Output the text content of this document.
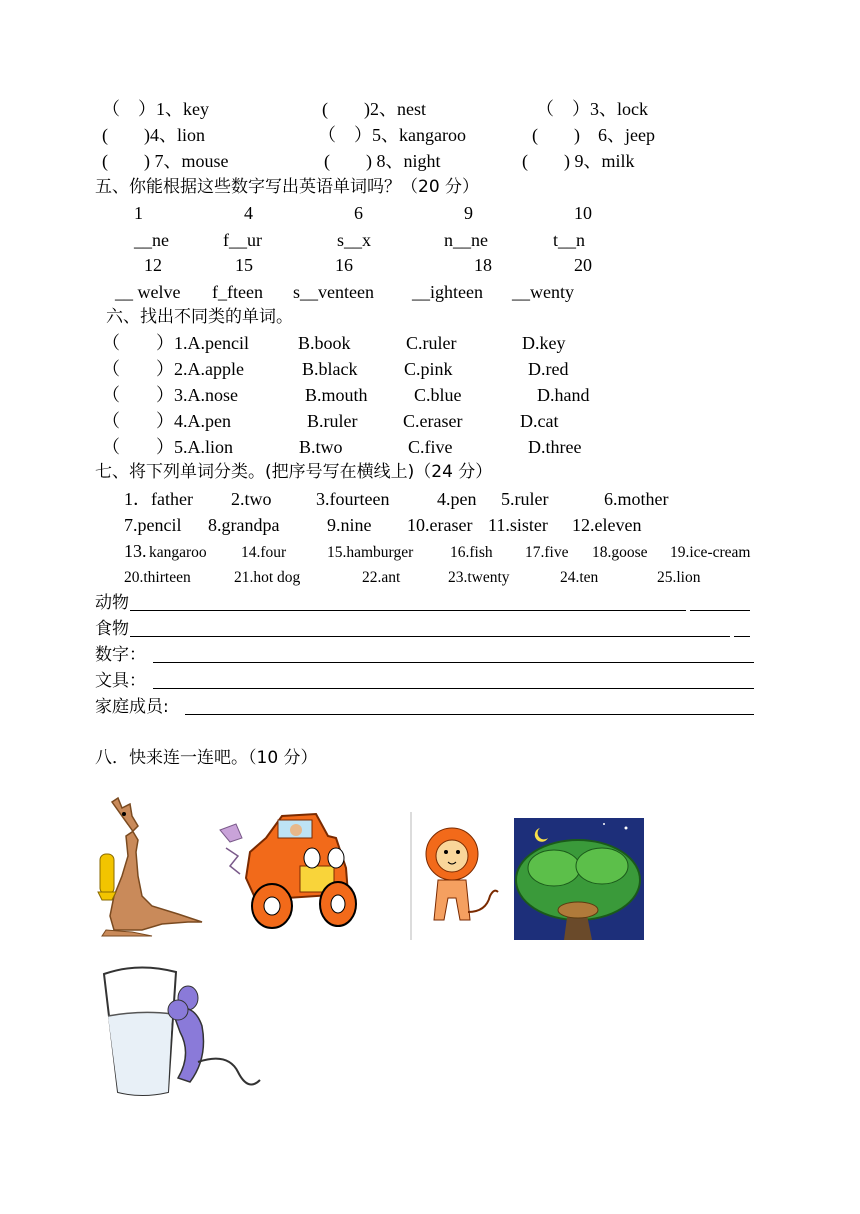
（　）1、key	(　　)2、nest	（　）3、lock
(　　)4、lion	（　）5、kangaroo	(　　)　6、jeep
(　　) 7、mouse	(　　) 8、night	(　　) 9、milk
五、你能根据这些数字写出英语单词吗？（20 分）
1	4	6	9	10
__ne	f__ur	s__x	n__ne	t__n
12	15	16	18	20
__ welve f_fteen s__venteen __ighteen __wenty
六、找出不同类的单词。
（　　）1.A.pencil	B.book	C.ruler	D.key
（　　）2.A.apple	B.black	C.pink	D.red
（　　）3.A.nose	B.mouth	C.blue	D.hand
（　　）4.A.pen	B.ruler	C.eraser	D.cat
（　　）5.A.lion	B.two	C.five	D.three
七、将下列单词分类。(把序号写在横线上)（24 分）
1．father 2.two 3.fourteen	4.pen 5.ruler	6.mother
7.pencil 8.grandpa	9.nine 10.eraser 11.sister 12.eleven
13. kangaroo 14.four	15.hamburger 16.fish 17.five 18.goose 19.ice-cream
20.thirteen	21.hot dog	22.ant	23.twenty	24.ten	25.lion
动物
食物
数字：
文具：
家庭成员:
八．快来连一连吧。（10 分）
